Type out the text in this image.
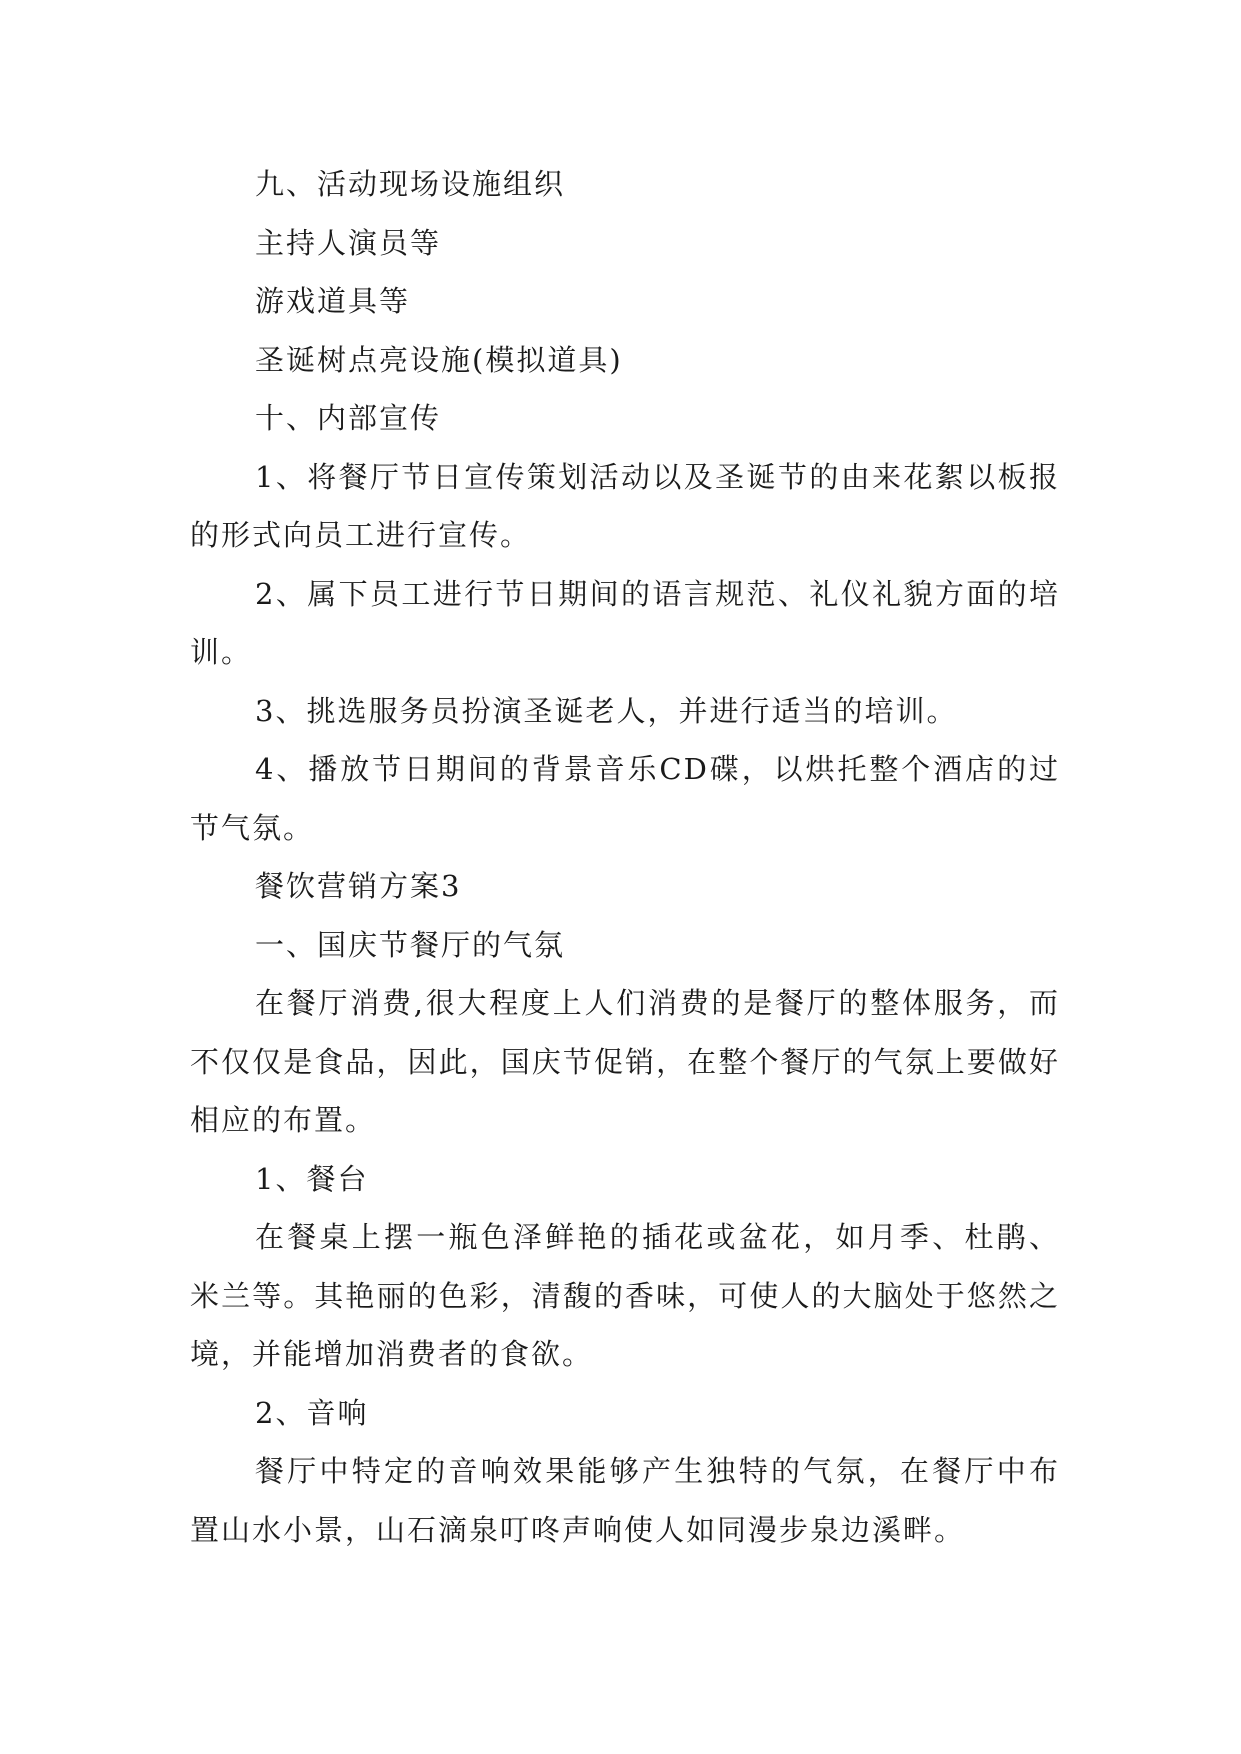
九、活动现场设施组织

主持人演员等

游戏道具等

圣诞树点亮设施(模拟道具)

十、内部宣传

1、将餐厅节日宣传策划活动以及圣诞节的由来花絮以板报的形式向员工进行宣传。

2、属下员工进行节日期间的语言规范、礼仪礼貌方面的培训。

3、挑选服务员扮演圣诞老人，并进行适当的培训。

4、播放节日期间的背景音乐CD碟，以烘托整个酒店的过节气氛。

餐饮营销方案3

一、国庆节餐厅的气氛

在餐厅消费,很大程度上人们消费的是餐厅的整体服务，而不仅仅是食品，因此，国庆节促销，在整个餐厅的气氛上要做好相应的布置。

1、餐台

在餐桌上摆一瓶色泽鲜艳的插花或盆花，如月季、杜鹃、米兰等。其艳丽的色彩，清馥的香味，可使人的大脑处于悠然之境，并能增加消费者的食欲。

2、音响

餐厅中特定的音响效果能够产生独特的气氛，在餐厅中布置山水小景，山石滴泉叮咚声响使人如同漫步泉边溪畔。
